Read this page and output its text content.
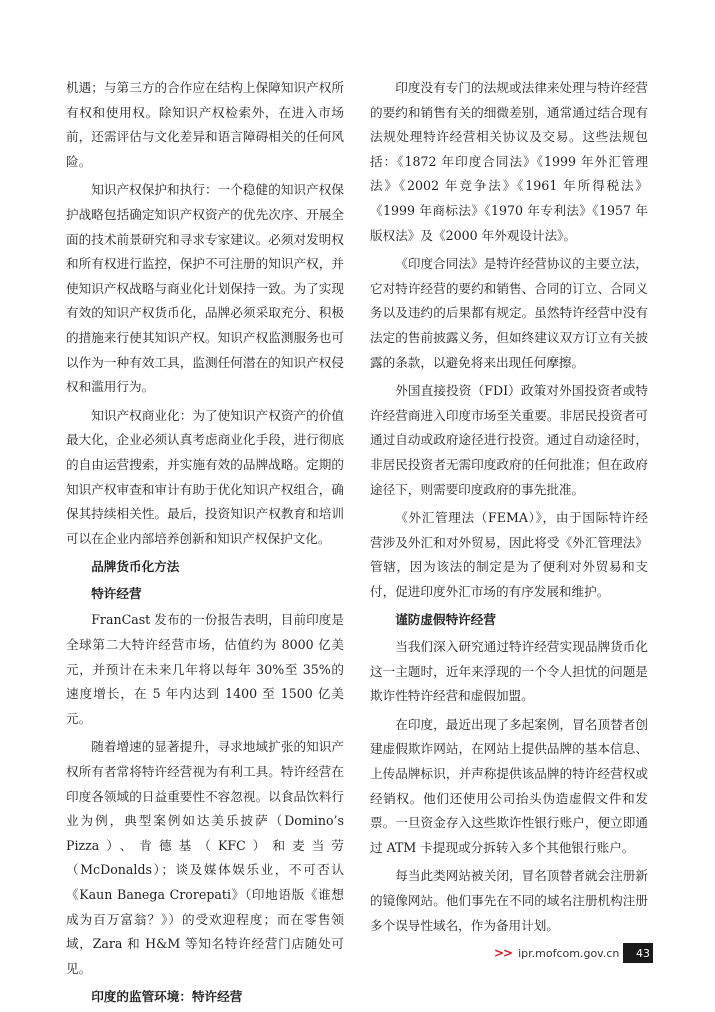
机遇；与第三方的合作应在结构上保障知识产权所有权和使用权。除知识产权检索外，在进入市场前，还需评估与文化差异和语言障碍相关的任何风险。

知识产权保护和执行：一个稳健的知识产权保护战略包括确定知识产权资产的优先次序、开展全面的技术前景研究和寻求专家建议。必须对发明权和所有权进行监控，保护不可注册的知识产权，并使知识产权战略与商业化计划保持一致。为了实现有效的知识产权货币化，品牌必须采取充分、积极的措施来行使其知识产权。知识产权监测服务也可以作为一种有效工具，监测任何潜在的知识产权侵权和滥用行为。

知识产权商业化：为了使知识产权资产的价值最大化，企业必须认真考虑商业化手段，进行彻底的自由运营搜索，并实施有效的品牌战略。定期的知识产权审查和审计有助于优化知识产权组合，确保其持续相关性。最后，投资知识产权教育和培训可以在企业内部培养创新和知识产权保护文化。

品牌货币化方法
特许经营

FranCast 发布的一份报告表明，目前印度是全球第二大特许经营市场，估值约为 8000 亿美元，并预计在未来几年将以每年 30%至 35%的速度增长，在 5 年内达到 1400 至 1500 亿美元。

随着增速的显著提升，寻求地域扩张的知识产权所有者常将特许经营视为有利工具。特许经营在印度各领域的日益重要性不容忽视。以食品饮料行业为例，典型案例如达美乐披萨（Domino’s Pizza）、肯德基（KFC）和麦当劳（McDonalds）；谈及媒体娱乐业，不可否认《Kaun Banega Crorepati》（印地语版《谁想成为百万富翁？》）的受欢迎程度；而在零售领域，Zara 和 H&M 等知名特许经营门店随处可见。

印度的监管环境：特许经营

印度没有专门的法规或法律来处理与特许经营的要约和销售有关的细微差别，通常通过结合现有法规处理特许经营相关协议及交易。这些法规包括：《1872 年印度合同法》《1999 年外汇管理法》《2002 年竞争法》《1961 年所得税法》《1999 年商标法》《1970 年专利法》《1957 年版权法》及《2000 年外观设计法》。

《印度合同法》是特许经营协议的主要立法，它对特许经营的要约和销售、合同的订立、合同义务以及违约的后果都有规定。虽然特许经营中没有法定的售前披露义务，但如终建议双方订立有关披露的条款，以避免将来出现任何摩擦。

外国直接投资（FDI）政策对外国投资者或特许经营商进入印度市场至关重要。非居民投资者可通过自动或政府途径进行投资。通过自动途径时，非居民投资者无需印度政府的任何批准；但在政府途径下，则需要印度政府的事先批准。

《外汇管理法（FEMA）》，由于国际特许经营涉及外汇和对外贸易，因此将受《外汇管理法》管辖，因为该法的制定是为了便利对外贸易和支付，促进印度外汇市场的有序发展和维护。

谨防虚假特许经营

当我们深入研究通过特许经营实现品牌货币化这一主题时，近年来浮现的一个令人担忧的问题是欺诈性特许经营和虚假加盟。

在印度，最近出现了多起案例，冒名顶替者创建虚假欺诈网站，在网站上提供品牌的基本信息、上传品牌标识，并声称提供该品牌的特许经营权或经销权。他们还使用公司抬头伪造虚假文件和发票。一旦资金存入这些欺诈性银行账户，便立即通过 ATM 卡提现或分拆转入多个其他银行账户。

每当此类网站被关闭，冒名顶替者就会注册新的镜像网站。他们事先在不同的域名注册机构注册多个误导性域名，作为备用计划。

>> ipr.mofcom.gov.cn	43
